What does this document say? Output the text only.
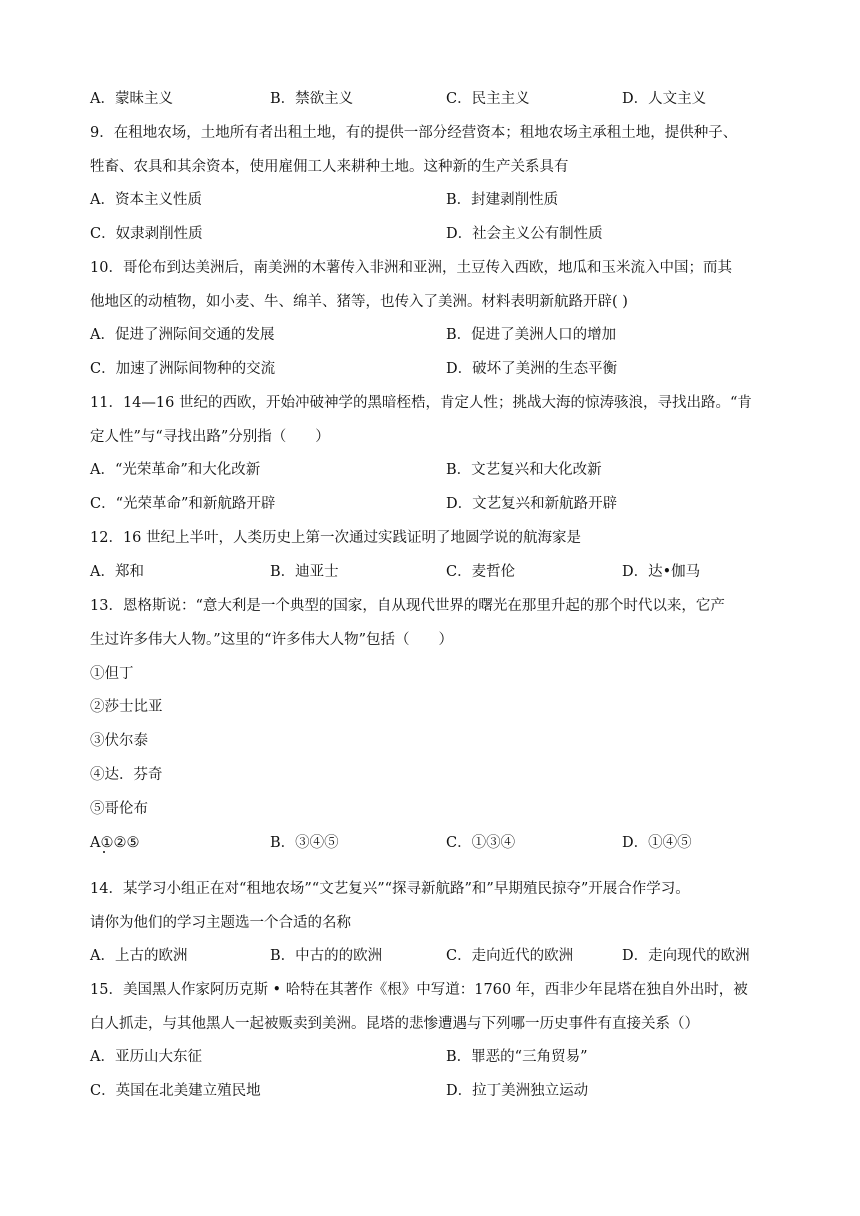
A．蒙昧主义	B．禁欲主义	C．民主主义	D．人文主义
9．在租地农场，土地所有者出租土地，有的提供一部分经营资本；租地农场主承租土地，提供种子、
牲畜、农具和其余资本，使用雇佣工人来耕种土地。这种新的生产关系具有
A．资本主义性质	B．封建剥削性质
C．奴隶剥削性质	D．社会主义公有制性质
10．哥伦布到达美洲后，南美洲的木薯传入非洲和亚洲，土豆传入西欧，地瓜和玉米流入中国；而其
他地区的动植物，如小麦、牛、绵羊、猪等，也传入了美洲。材料表明新航路开辟( )
A．促进了洲际间交通的发展	B．促进了美洲人口的增加
C．加速了洲际间物种的交流	D．破坏了美洲的生态平衡
11．14—16 世纪的西欧，开始冲破神学的黑暗桎梏，肯定人性；挑战大海的惊涛骇浪，寻找出路。“肯
定人性”与“寻找出路”分别指（　　）
A．“光荣革命”和大化改新	B．文艺复兴和大化改新
C．“光荣革命”和新航路开辟	D．文艺复兴和新航路开辟
12．16 世纪上半叶，人类历史上第一次通过实践证明了地圆学说的航海家是
A．郑和	B．迪亚士	C．麦哲伦	D．达•伽马
13．恩格斯说：“意大利是一个典型的国家，自从现代世界的曙光在那里升起的那个时代以来，它产
生过许多伟大人物。”这里的“许多伟大人物”包括（　　）
①但丁
②莎士比亚
③伏尔泰
④达．芬奇
⑤哥伦布
A①②⑤	B．③④⑤	C．①③④	D．①④⑤
14．某学习小组正在对“租地农场”“文艺复兴”“探寻新航路”和”早期殖民掠夺”开展合作学习。
请你为他们的学习主题选一个合适的名称
A．上古的欧洲	B．中古的的欧洲	C．走向近代的欧洲	D．走向现代的欧洲
15．美国黑人作家阿历克斯 • 哈特在其著作《根》中写道：1760 年，西非少年昆塔在独自外出时，被
白人抓走，与其他黑人一起被贩卖到美洲。昆塔的悲惨遭遇与下列哪一历史事件有直接关系（）
A．亚历山大东征	B．罪恶的“三角贸易”
C．英国在北美建立殖民地	D．拉丁美洲独立运动
